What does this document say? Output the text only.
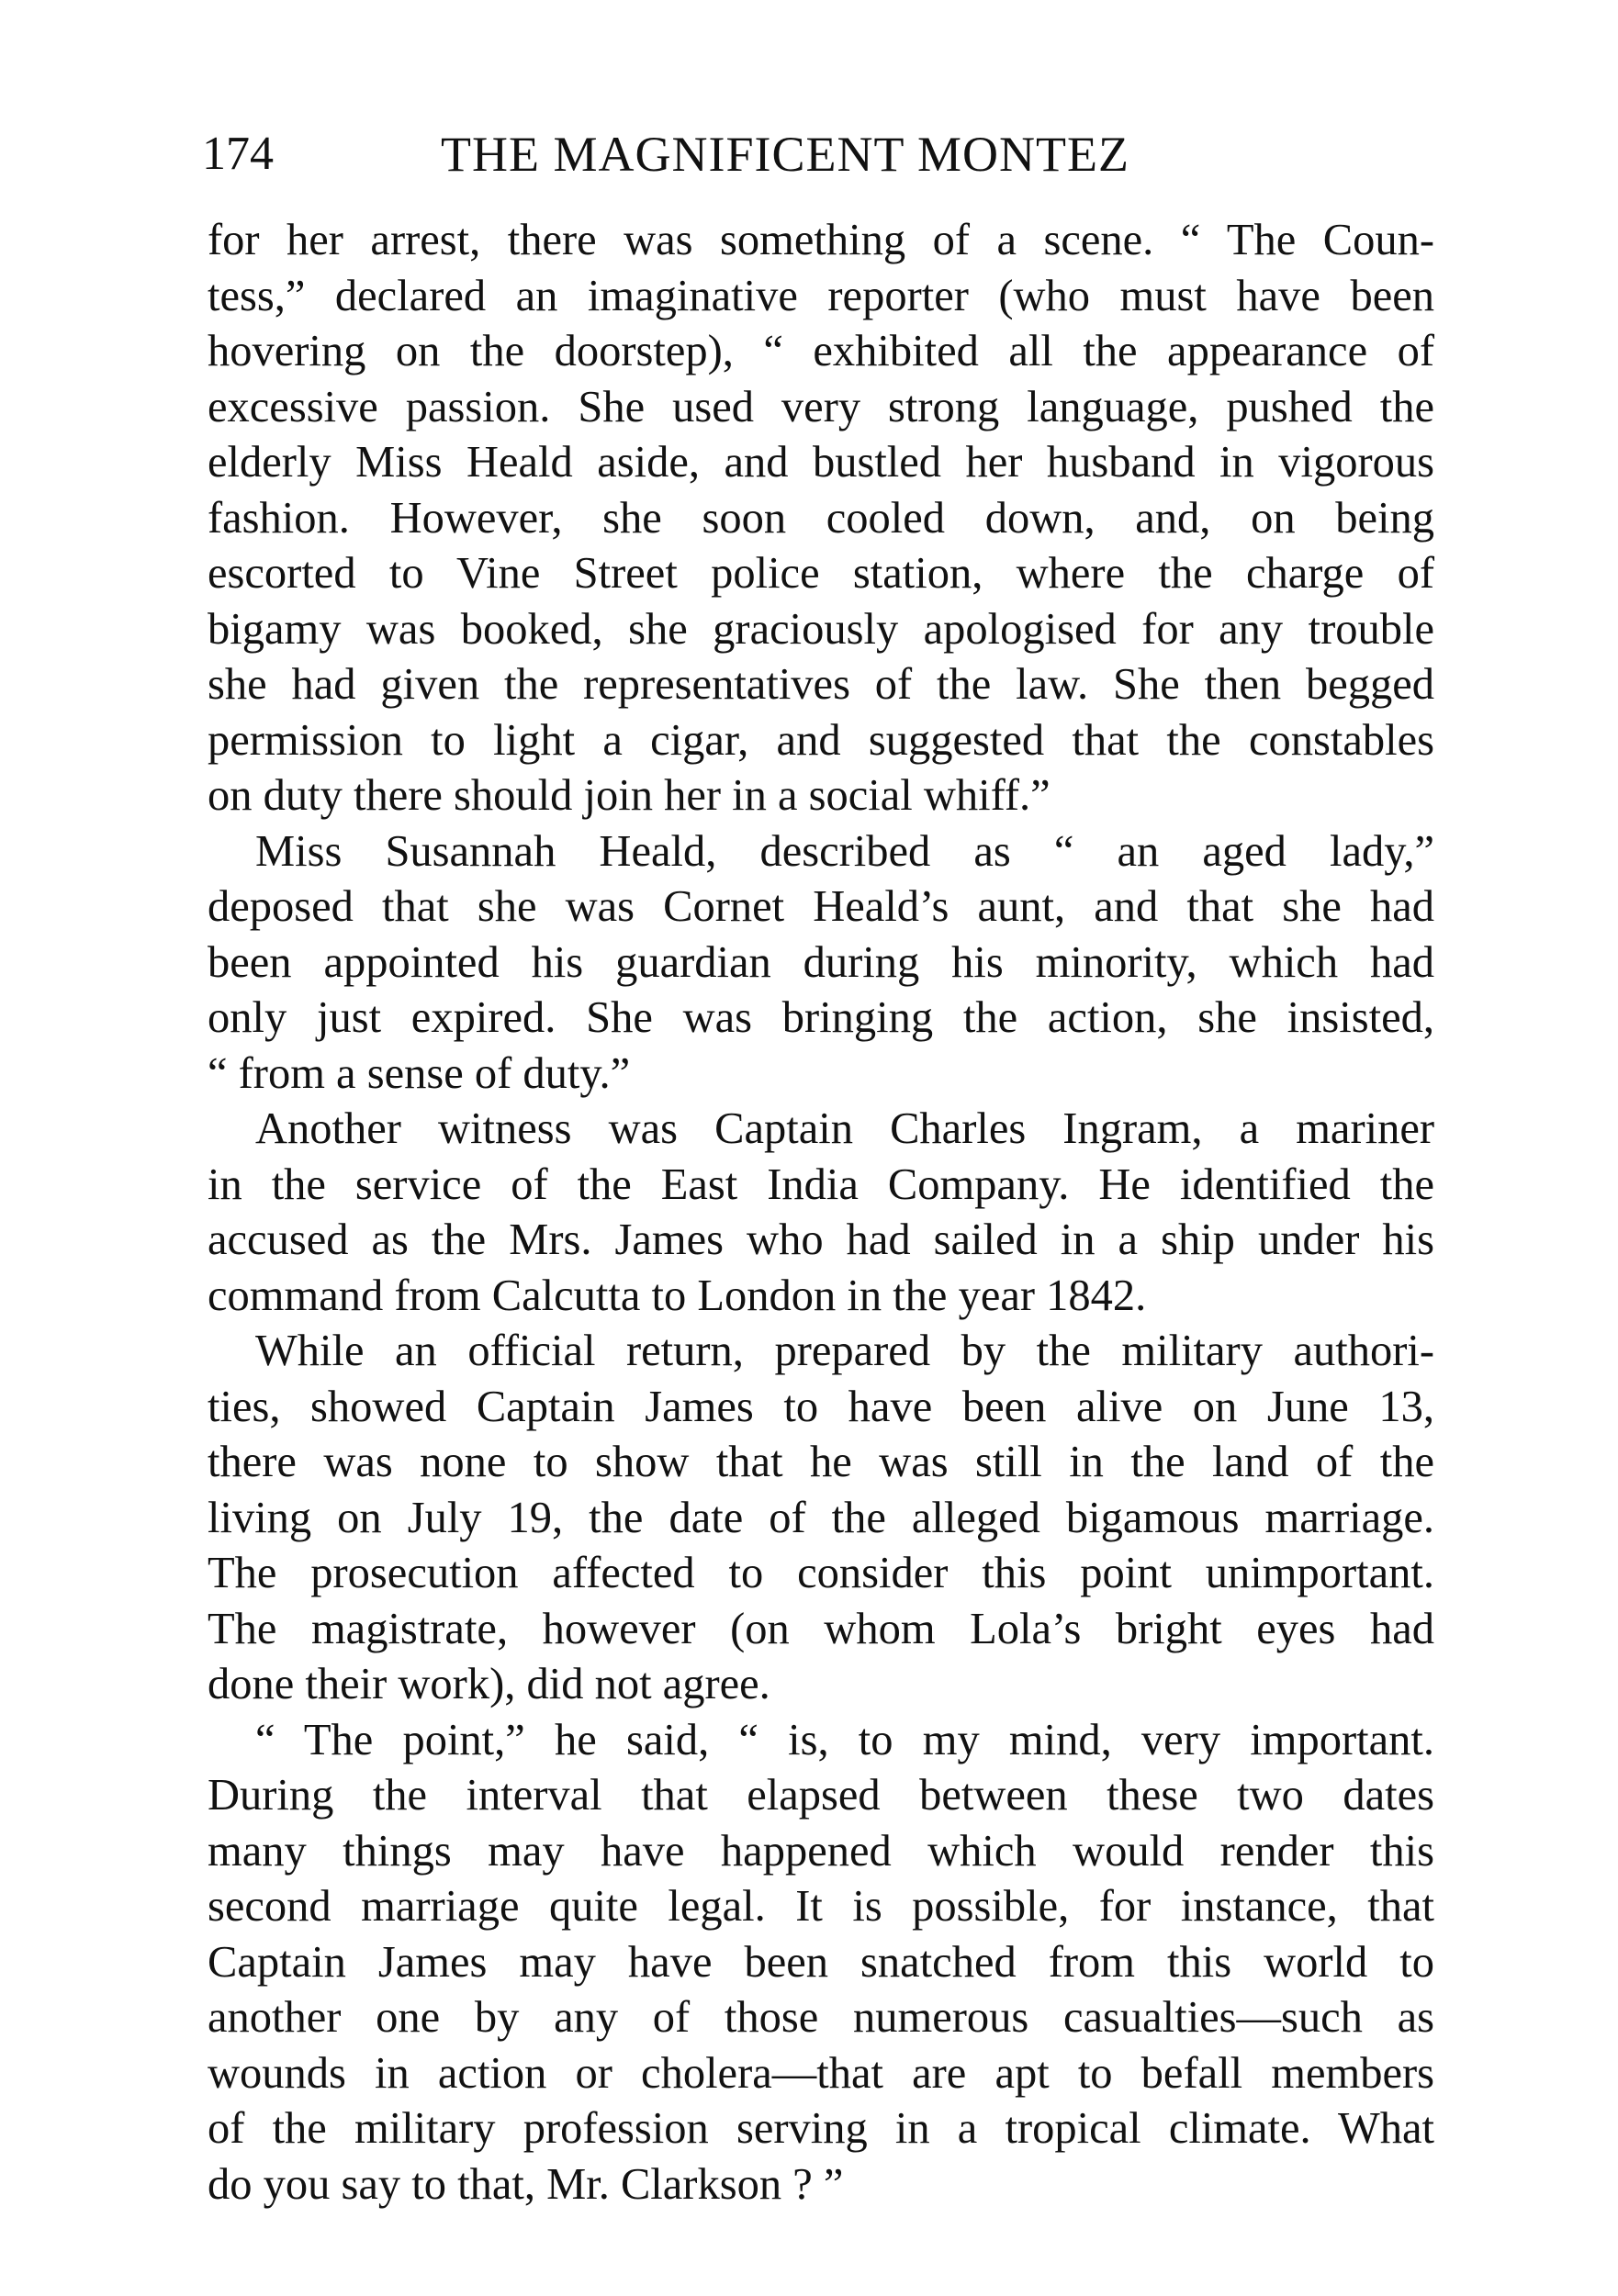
174	THE MAGNIFICENT MONTEZ
for her arrest, there was something of a scene. “ The Coun-
tess,” declared an imaginative reporter (who must have been
hovering on the doorstep), “ exhibited all the appearance of
excessive passion. She used very strong language, pushed the
elderly Miss Heald aside, and bustled her husband in vigorous
fashion. However, she soon cooled down, and, on being
escorted to Vine Street police station, where the charge of
bigamy was booked, she graciously apologised for any trouble
she had given the representatives of the law. She then begged
permission to light a cigar, and suggested that the constables
on duty there should join her in a social whiff.”
Miss Susannah Heald, described as “ an aged lady,”
deposed that she was Cornet Heald’s aunt, and that she had
been appointed his guardian during his minority, which had
only just expired. She was bringing the action, she insisted,
“ from a sense of duty.”
Another witness was Captain Charles Ingram, a mariner
in the service of the East India Company. He identified the
accused as the Mrs. James who had sailed in a ship under his
command from Calcutta to London in the year 1842.
While an official return, prepared by the military authori-
ties, showed Captain James to have been alive on June 13,
there was none to show that he was still in the land of the
living on July 19, the date of the alleged bigamous marriage.
The prosecution affected to consider this point unimportant.
The magistrate, however (on whom Lola’s bright eyes had
done their work), did not agree.
“ The point,” he said, “ is, to my mind, very important.
During the interval that elapsed between these two dates
many things may have happened which would render this
second marriage quite legal. It is possible, for instance, that
Captain James may have been snatched from this world to
another one by any of those numerous casualties—such as
wounds in action or cholera—that are apt to befall members
of the military profession serving in a tropical climate. What
do you say to that, Mr. Clarkson ? ”
